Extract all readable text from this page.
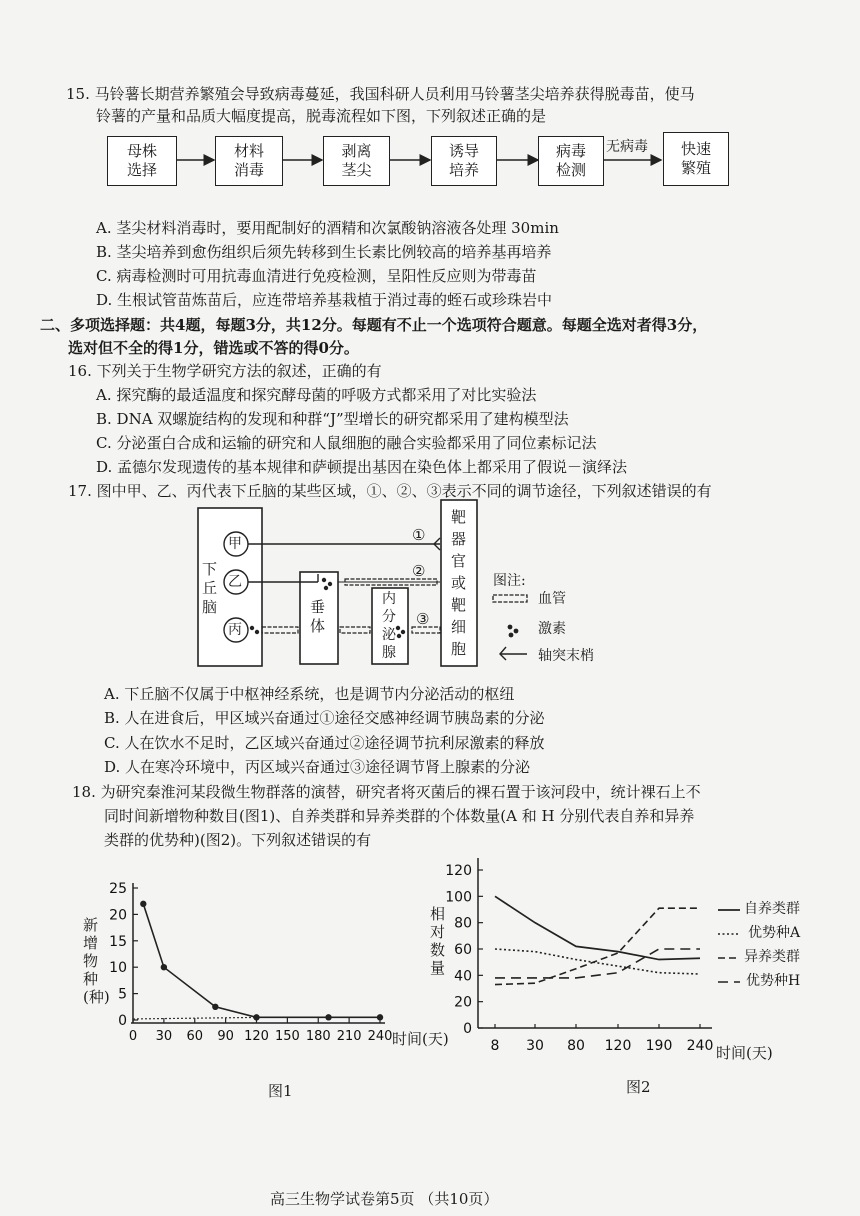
15. 马铃薯长期营养繁殖会导致病毒蔓延，我国科研人员利用马铃薯茎尖培养获得脱毒苗，使马
铃薯的产量和品质大幅度提高，脱毒流程如下图，下列叙述正确的是
母株
选择
材料
消毒
剥离
茎尖
诱导
培养
病毒
检测
无病毒 快速
繁殖
A. 茎尖材料消毒时，要用配制好的酒精和次氯酸钠溶液各处理 30min
B. 茎尖培养到愈伤组织后须先转移到生长素比例较高的培养基再培养
C. 病毒检测时可用抗毒血清进行免疫检测，呈阳性反应则为带毒苗
D. 生根试管苗炼苗后，应连带培养基栽植于消过毒的蛭石或珍珠岩中
二、多项选择题：共4题，每题3分，共12分。每题有不止一个选项符合题意。每题全选对者得3分，
选对但不全的得1分，错选或不答的得0分。
16. 下列关于生物学研究方法的叙述，正确的有
A. 探究酶的最适温度和探究酵母菌的呼吸方式都采用了对比实验法
B. DNA 双螺旋结构的发现和种群“J”型增长的研究都采用了建构模型法
C. 分泌蛋白合成和运输的研究和人鼠细胞的融合实验都采用了同位素标记法
D. 孟德尔发现遗传的基本规律和萨顿提出基因在染色体上都采用了假说－演绎法
17. 图中甲、乙、丙代表下丘脑的某些区域，①、②、③表示不同的调节途径，下列叙述错误的有
下
丘
脑
甲
乙
丙
垂
体
内
分
泌
腺
靶
器
官
或
靶
细
胞
①
②
③
图注:
血管
激素
轴突末梢
A. 下丘脑不仅属于中枢神经系统，也是调节内分泌活动的枢纽
B. 人在进食后，甲区域兴奋通过①途径交感神经调节胰岛素的分泌
C. 人在饮水不足时，乙区域兴奋通过②途径调节抗利尿激素的释放
D. 人在寒冷环境中，丙区域兴奋通过③途径调节肾上腺素的分泌
18. 为研究秦淮河某段微生物群落的演替，研究者将灭菌后的裸石置于该河段中，统计裸石上不
同时间新增物种数目(图1)、自养类群和异养类群的个体数量(A 和 H 分别代表自养和异养
类群的优势种)(图2)。下列叙述错误的有
0
5
10
15
20
25
0 30 60 90 120 150 180 210 240
新增物种(种)
时间(天)
图1
0
20
40
60
80
100
120
8 30 80 120 190 240
相对数量
时间(天)
图2
自养类群
优势种A
异养类群
优势种H
高三生物学试卷第5页 （共10页）
